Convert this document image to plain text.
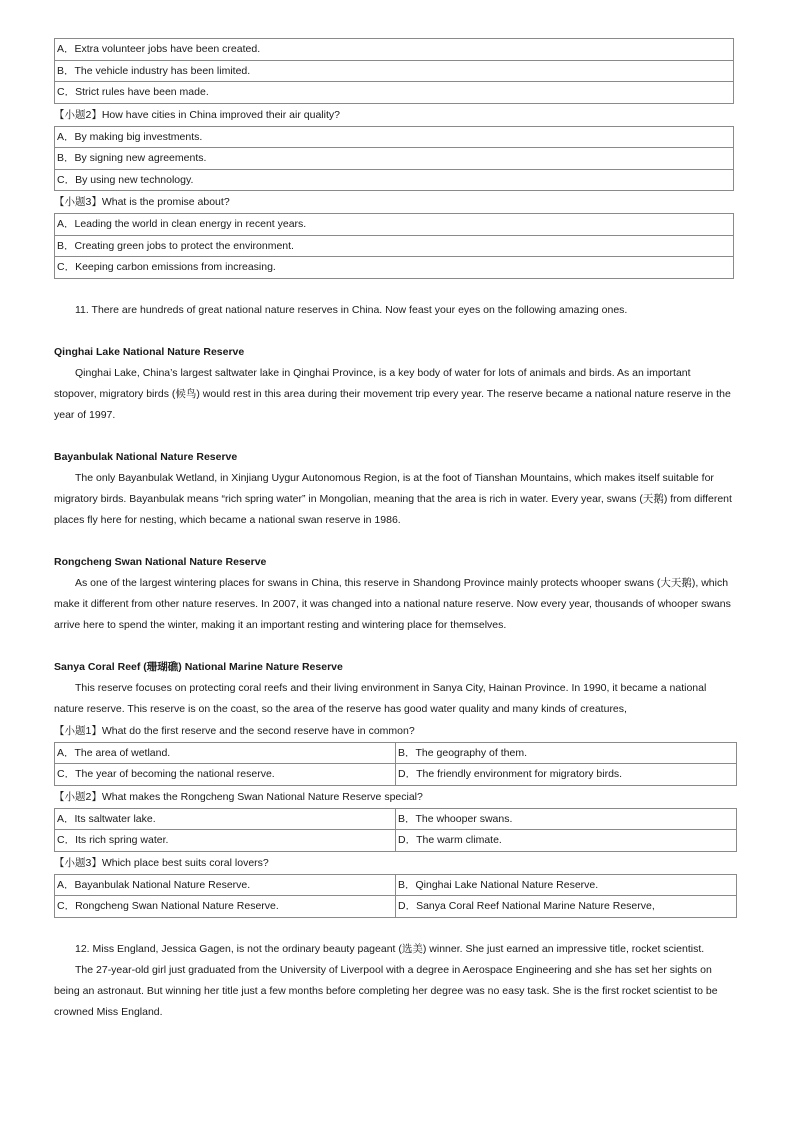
A．Extra volunteer jobs have been created.
B．The vehicle industry has been limited.
C．Strict rules have been made.
【小题2】How have cities in China improved their air quality?
A．By making big investments.
B．By signing new agreements.
C．By using new technology.
【小题3】What is the promise about?
A．Leading the world in clean energy in recent years.
B．Creating green jobs to protect the environment.
C．Keeping carbon emissions from increasing.
11. There are hundreds of great national nature reserves in China. Now feast your eyes on the following amazing ones.
Qinghai Lake National Nature Reserve
Qinghai Lake, China’s largest saltwater lake in Qinghai Province, is a key body of water for lots of animals and birds. As an important stopover, migratory birds (候鸟) would rest in this area during their movement trip every year. The reserve became a national nature reserve in the year of 1997.
Bayanbulak National Nature Reserve
The only Bayanbulak Wetland, in Xinjiang Uygur Autonomous Region, is at the foot of Tianshan Mountains, which makes itself suitable for migratory birds. Bayanbulak means “rich spring water” in Mongolian, meaning that the area is rich in water. Every year, swans (天鹅) from different places fly here for nesting, which became a national swan reserve in 1986.
Rongcheng Swan National Nature Reserve
As one of the largest wintering places for swans in China, this reserve in Shandong Province mainly protects whooper swans (大天鹅), which make it different from other nature reserves. In 2007, it was changed into a national nature reserve. Now every year, thousands of whooper swans arrive here to spend the winter, making it an important resting and wintering place for themselves.
Sanya Coral Reef (珊瑚礁) National Marine Nature Reserve
This reserve focuses on protecting coral reefs and their living environment in Sanya City, Hainan Province. In 1990, it became a national nature reserve. This reserve is on the coast, so the area of the reserve has good water quality and many kinds of creatures,
【小题1】What do the first reserve and the second reserve have in common?
A．The area of wetland.	B．The geography of them.
C．The year of becoming the national reserve.	D．The friendly environment for migratory birds.
【小题2】What makes the Rongcheng Swan National Nature Reserve special?
A．Its saltwater lake.	B．The whooper swans.
C．Its rich spring water.	D．The warm climate.
【小题3】Which place best suits coral lovers?
A．Bayanbulak National Nature Reserve.	B．Qinghai Lake National Nature Reserve.
C．Rongcheng Swan National Nature Reserve.	D．Sanya Coral Reef National Marine Nature Reserve,
12. Miss England, Jessica Gagen, is not the ordinary beauty pageant (选美) winner. She just earned an impressive title, rocket scientist.
The 27-year-old girl just graduated from the University of Liverpool with a degree in Aerospace Engineering and she has set her sights on being an astronaut. But winning her title just a few months before completing her degree was no easy task. She is the first rocket scientist to be crowned Miss England.
